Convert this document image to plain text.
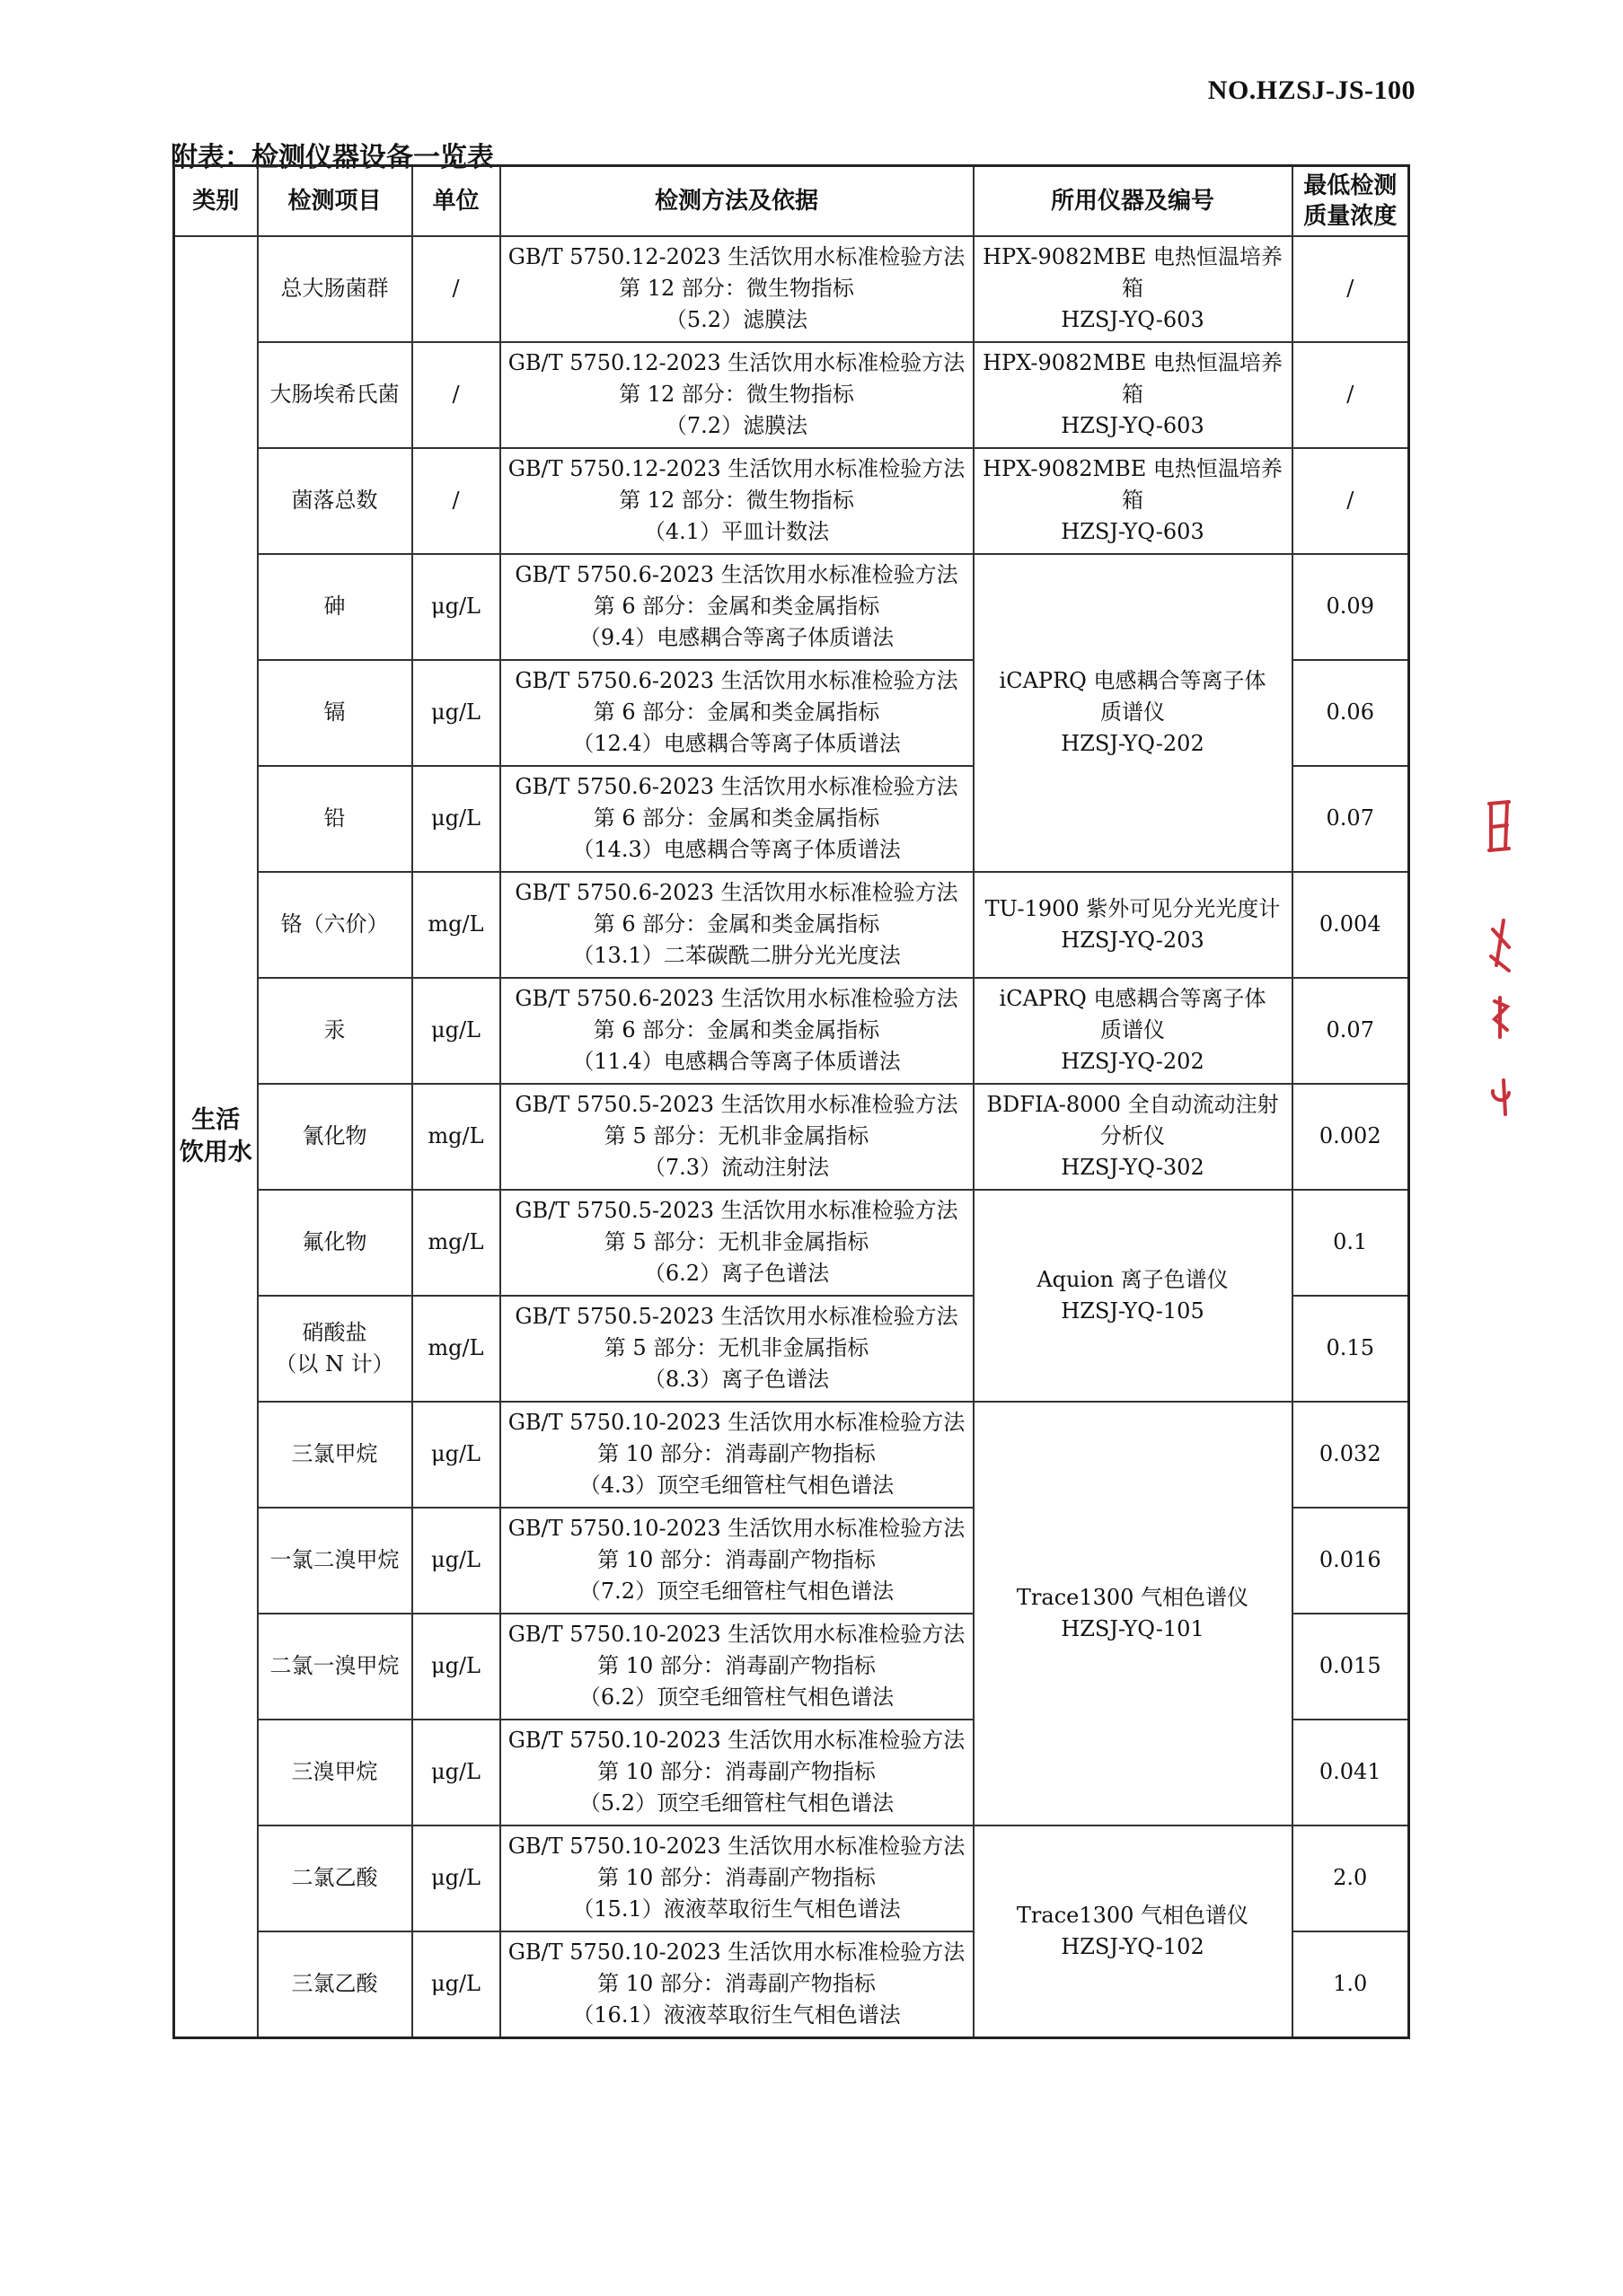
NO.HZSJ-JS-100
附表：检测仪器设备一览表
类别	检测项目	单位	检测方法及依据	所用仪器及编号	最低检测
质量浓度

生活
饮用水	总大肠菌群	/	GB/T 5750.12-2023 生活饮用水标准检验方法
第 12 部分：微生物指标
（5.2）滤膜法	HPX-9082MBE 电热恒温培养箱
HZSJ-YQ-603	/
	大肠埃希氏菌	/	GB/T 5750.12-2023 生活饮用水标准检验方法
第 12 部分：微生物指标
（7.2）滤膜法	HPX-9082MBE 电热恒温培养箱
HZSJ-YQ-603	/
	菌落总数	/	GB/T 5750.12-2023 生活饮用水标准检验方法
第 12 部分：微生物指标
（4.1）平皿计数法	HPX-9082MBE 电热恒温培养箱
HZSJ-YQ-603	/
	砷	μg/L	GB/T 5750.6-2023 生活饮用水标准检验方法
第 6 部分：金属和类金属指标
（9.4）电感耦合等离子体质谱法	iCAPRQ 电感耦合等离子体
质谱仪
HZSJ-YQ-202	0.09
	镉	μg/L	GB/T 5750.6-2023 生活饮用水标准检验方法
第 6 部分：金属和类金属指标
（12.4）电感耦合等离子体质谱法		0.06
	铅	μg/L	GB/T 5750.6-2023 生活饮用水标准检验方法
第 6 部分：金属和类金属指标
（14.3）电感耦合等离子体质谱法		0.07
	铬（六价）	mg/L	GB/T 5750.6-2023 生活饮用水标准检验方法
第 6 部分：金属和类金属指标
（13.1）二苯碳酰二肼分光光度法	TU-1900 紫外可见分光光度计
HZSJ-YQ-203	0.004
	汞	μg/L	GB/T 5750.6-2023 生活饮用水标准检验方法
第 6 部分：金属和类金属指标
（11.4）电感耦合等离子体质谱法	iCAPRQ 电感耦合等离子体
质谱仪
HZSJ-YQ-202	0.07
	氰化物	mg/L	GB/T 5750.5-2023 生活饮用水标准检验方法
第 5 部分：无机非金属指标
（7.3）流动注射法	BDFIA-8000 全自动流动注射
分析仪
HZSJ-YQ-302	0.002
	氟化物	mg/L	GB/T 5750.5-2023 生活饮用水标准检验方法
第 5 部分：无机非金属指标
（6.2）离子色谱法	Aquion 离子色谱仪
HZSJ-YQ-105	0.1

	硝酸盐
（以 N 计）	mg/L	GB/T 5750.5-2023 生活饮用水标准检验方法
第 5 部分：无机非金属指标
（8.3）离子色谱法		0.15
	三氯甲烷	μg/L	GB/T 5750.10-2023 生活饮用水标准检验方法
第 10 部分：消毒副产物指标
（4.3）顶空毛细管柱气相色谱法	Trace1300 气相色谱仪
HZSJ-YQ-101	0.032
	一氯二溴甲烷	μg/L	GB/T 5750.10-2023 生活饮用水标准检验方法
第 10 部分：消毒副产物指标
（7.2）顶空毛细管柱气相色谱法		0.016
	二氯一溴甲烷	μg/L	GB/T 5750.10-2023 生活饮用水标准检验方法
第 10 部分：消毒副产物指标
（6.2）顶空毛细管柱气相色谱法		0.015
	三溴甲烷	μg/L	GB/T 5750.10-2023 生活饮用水标准检验方法
第 10 部分：消毒副产物指标
（5.2）顶空毛细管柱气相色谱法		0.041
	二氯乙酸	μg/L	GB/T 5750.10-2023 生活饮用水标准检验方法
第 10 部分：消毒副产物指标
（15.1）液液萃取衍生气相色谱法	Trace1300 气相色谱仪
HZSJ-YQ-102	2.0
	三氯乙酸	μg/L	GB/T 5750.10-2023 生活饮用水标准检验方法
第 10 部分：消毒副产物指标
（16.1）液液萃取衍生气相色谱法		1.0
